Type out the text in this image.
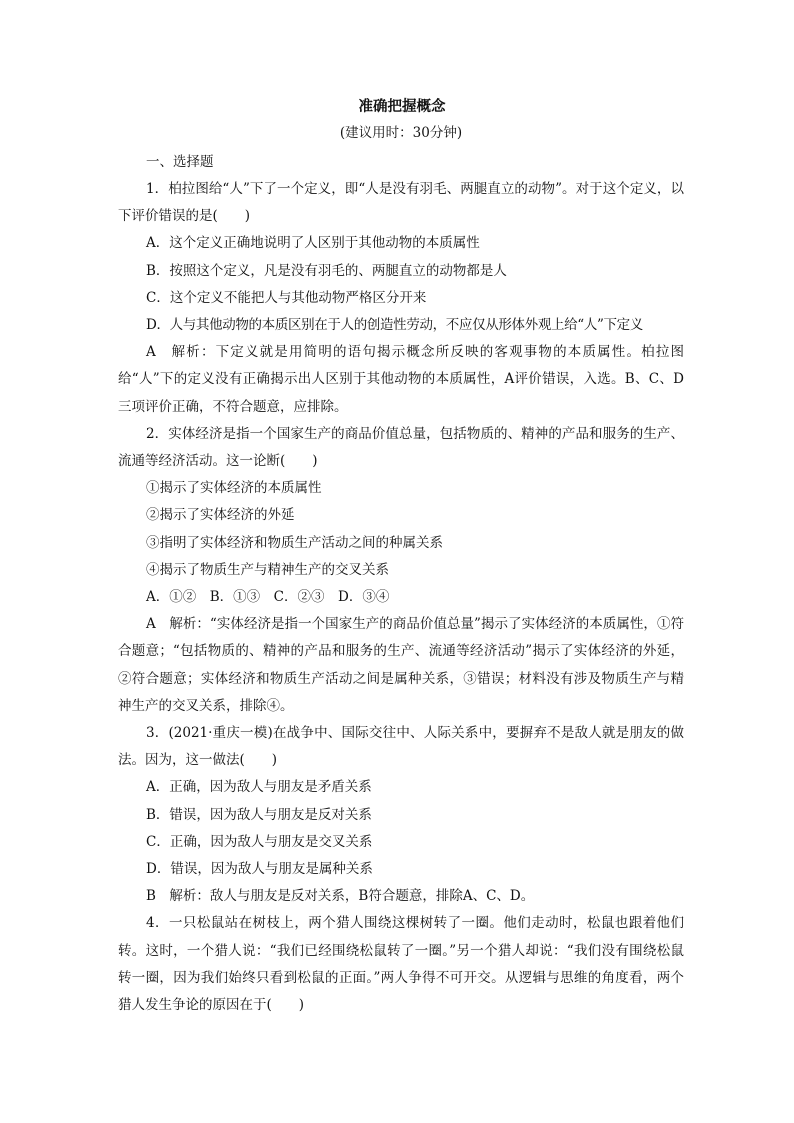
准确把握概念
(建议用时：30分钟)
一、选择题

1．柏拉图给“人”下了一个定义，即“人是没有羽毛、两腿直立的动物”。对于这个定义，以下评价错误的是(　　)

A．这个定义正确地说明了人区别于其他动物的本质属性
B．按照这个定义，凡是没有羽毛的、两腿直立的动物都是人
C．这个定义不能把人与其他动物严格区分开来
D．人与其他动物的本质区别在于人的创造性劳动，不应仅从形体外观上给“人”下定义

A　解析：下定义就是用简明的语句揭示概念所反映的客观事物的本质属性。柏拉图给“人”下的定义没有正确揭示出人区别于其他动物的本质属性，A评价错误，入选。B、C、D三项评价正确，不符合题意，应排除。

2．实体经济是指一个国家生产的商品价值总量，包括物质的、精神的产品和服务的生产、流通等经济活动。这一论断(　　)

①揭示了实体经济的本质属性
②揭示了实体经济的外延
③指明了实体经济和物质生产活动之间的种属关系
④揭示了物质生产与精神生产的交叉关系
A．①②　B．①③　C．②③　D．③④

A　解析：“实体经济是指一个国家生产的商品价值总量”揭示了实体经济的本质属性，①符合题意；“包括物质的、精神的产品和服务的生产、流通等经济活动”揭示了实体经济的外延，②符合题意；实体经济和物质生产活动之间是属种关系，③错误；材料没有涉及物质生产与精神生产的交叉关系，排除④。

3．(2021·重庆一模)在战争中、国际交往中、人际关系中，要摒弃不是敌人就是朋友的做法。因为，这一做法(　　)

A．正确，因为敌人与朋友是矛盾关系
B．错误，因为敌人与朋友是反对关系
C．正确，因为敌人与朋友是交叉关系
D．错误，因为敌人与朋友是属种关系

B　解析：敌人与朋友是反对关系，B符合题意，排除A、C、D。

4．一只松鼠站在树枝上，两个猎人围绕这棵树转了一圈。他们走动时，松鼠也跟着他们转。这时，一个猎人说：“我们已经围绕松鼠转了一圈。”另一个猎人却说：“我们没有围绕松鼠转一圈，因为我们始终只看到松鼠的正面。”两人争得不可开交。从逻辑与思维的角度看，两个猎人发生争论的原因在于(　　)
